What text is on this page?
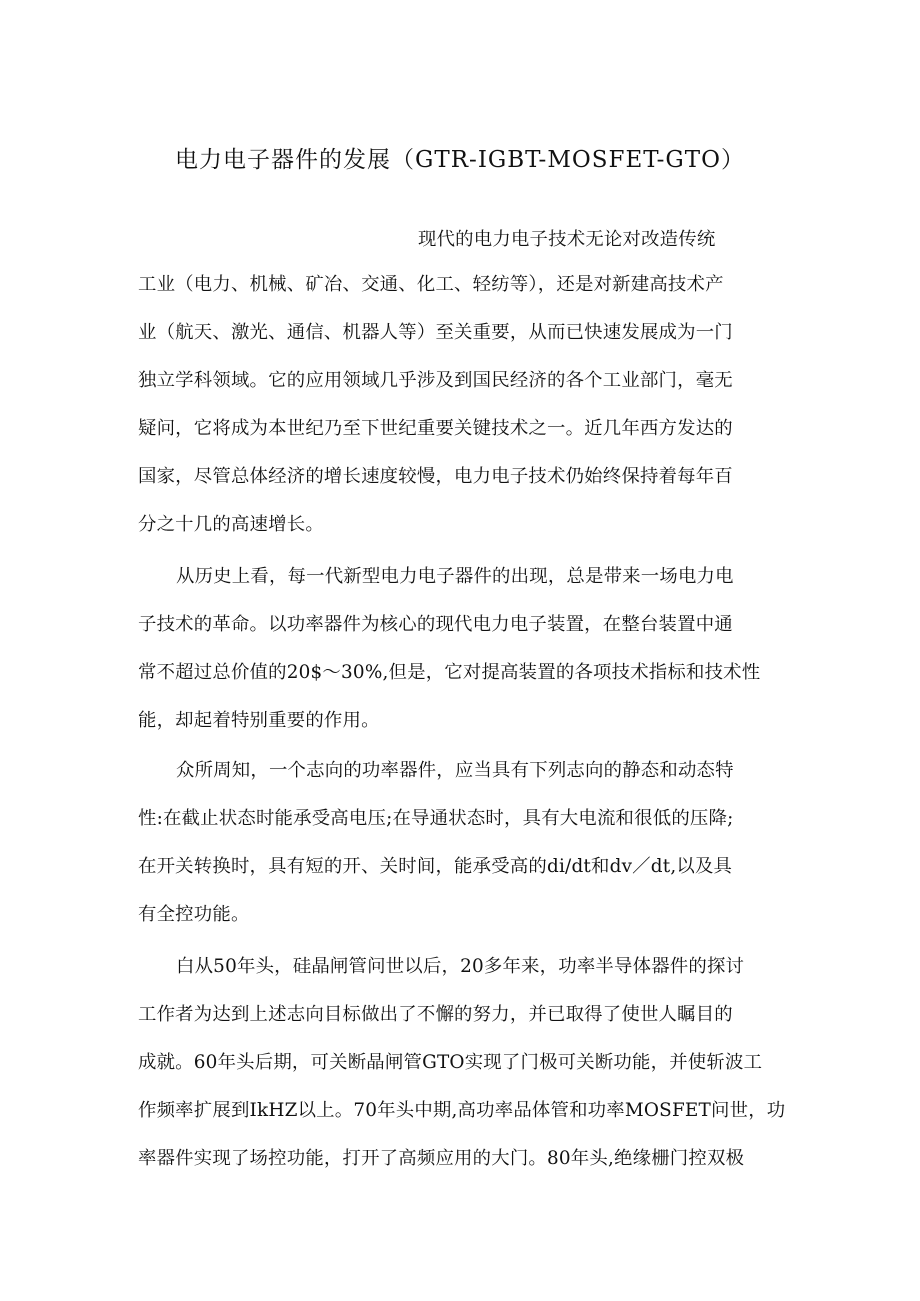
电力电子器件的发展（GTR-IGBT-MOSFET-GTO）
现代的电力电子技术无论对改造传统
工业（电力、机械、矿冶、交通、化工、轻纺等），还是对新建高技术产
业（航天、激光、通信、机器人等）至关重要，从而已快速发展成为一门
独立学科领域。它的应用领域几乎涉及到国民经济的各个工业部门，毫无
疑问，它将成为本世纪乃至下世纪重要关键技术之一。近几年西方发达的
国家，尽管总体经济的增长速度较慢，电力电子技术仍始终保持着每年百
分之十几的高速增长。
从历史上看，每一代新型电力电子器件的出现，总是带来一场电力电
子技术的革命。以功率器件为核心的现代电力电子装置，在整台装置中通
常不超过总价值的20$～30%,但是，它对提高装置的各项技术指标和技术性
能，却起着特别重要的作用。
众所周知，一个志向的功率器件，应当具有下列志向的静态和动态特
性:在截止状态时能承受高电压;在导通状态时，具有大电流和很低的压降;
在开关转换时，具有短的开、关时间，能承受高的di/dt和dv／dt,以及具
有全控功能。
白从50年头，硅晶闸管问世以后，20多年来，功率半导体器件的探讨
工作者为达到上述志向目标做出了不懈的努力，并已取得了使世人瞩目的
成就。60年头后期，可关断晶闸管GTO实现了门极可关断功能，并使斩波工
作频率扩展到IkHZ以上。70年头中期,高功率品体管和功率MOSFET问世，功
率器件实现了场控功能，打开了高频应用的大门。80年头,绝缘栅门控双极
